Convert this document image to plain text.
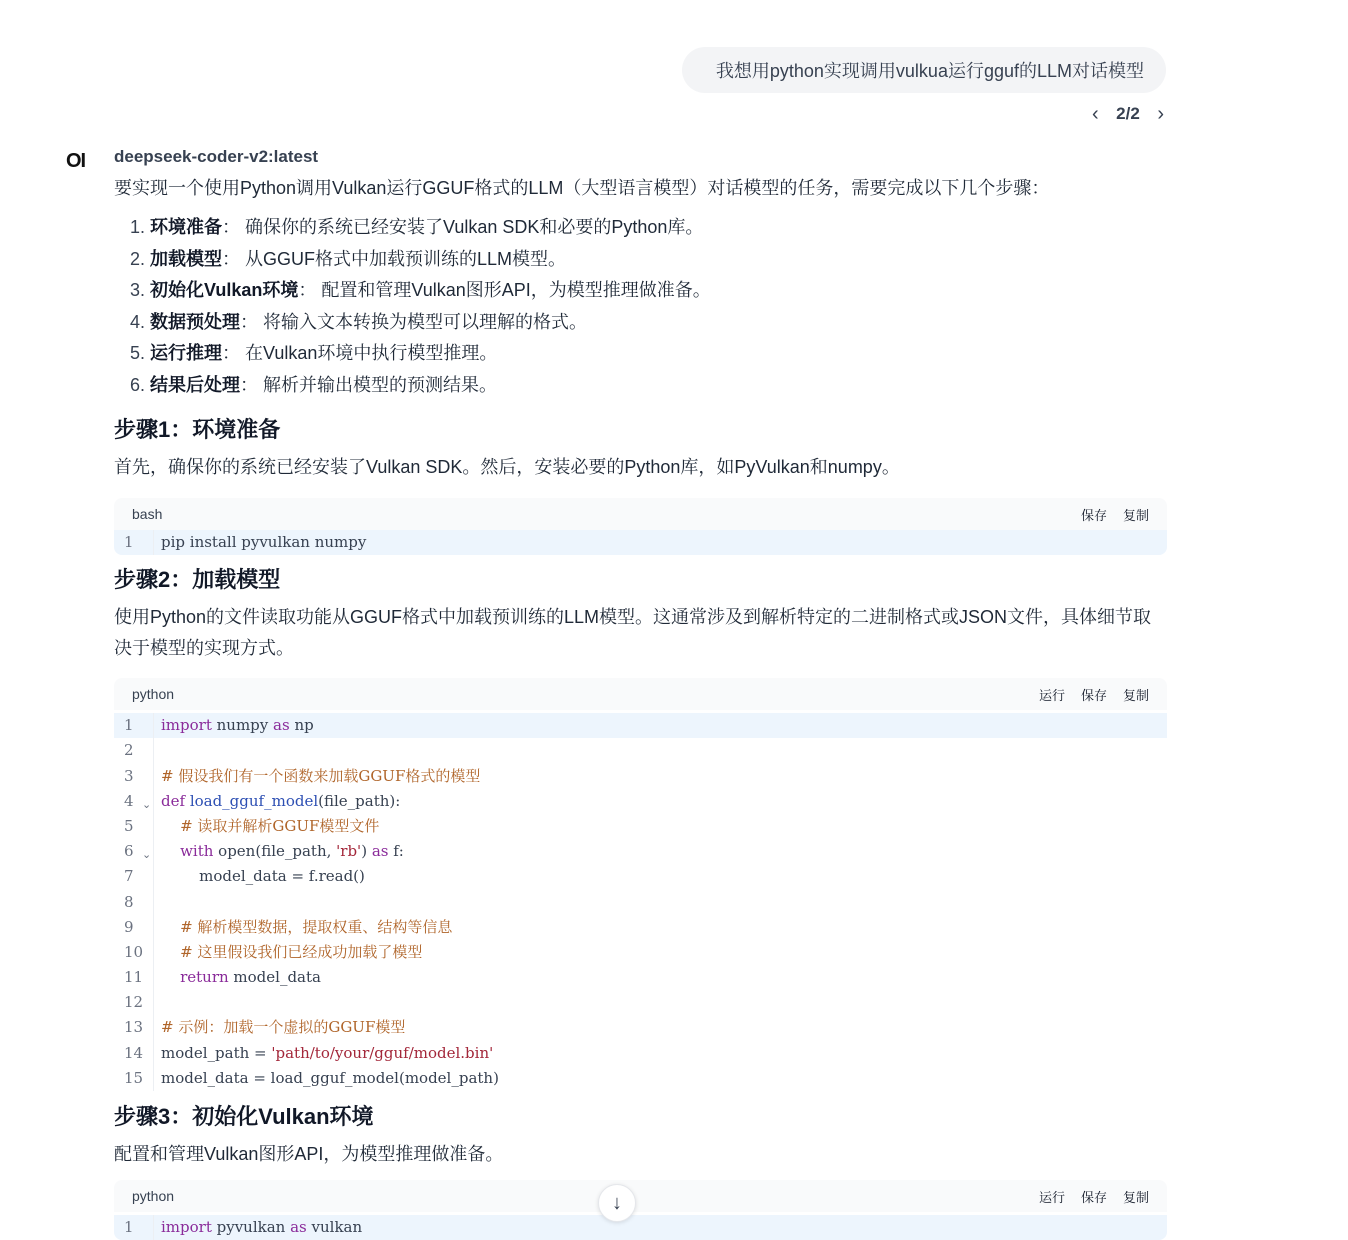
我想用python实现调用vulkua运行gguf的LLM对话模型
‹ 2/2 ›
OI	deepseek-coder-v2:latest

要实现一个使用Python调用Vulkan运行GGUF格式的LLM（大型语言模型）对话模型的任务，需要完成以下几个步骤：

1. 环境准备： 确保你的系统已经安装了Vulkan SDK和必要的Python库。
2. 加载模型： 从GGUF格式中加载预训练的LLM模型。
3. 初始化Vulkan环境： 配置和管理Vulkan图形API，为模型推理做准备。
4. 数据预处理： 将输入文本转换为模型可以理解的格式。
5. 运行推理： 在Vulkan环境中执行模型推理。
6. 结果后处理： 解析并输出模型的预测结果。
步骤1：环境准备

首先，确保你的系统已经安装了Vulkan SDK。然后，安装必要的Python库，如PyVulkan和numpy。

bash	保存 复制
1	pip install pyvulkan numpy
步骤2：加载模型

使用Python的文件读取功能从GGUF格式中加载预训练的LLM模型。这通常涉及到解析特定的二进制格式或JSON文件，具体细节取决于模型的实现方式。

python	运行 保存 复制
1	import numpy as np
2
3	# 假设我们有一个函数来加载GGUF格式的模型
4 ⌄ def load_gguf_model(file_path):
5	# 读取并解析GGUF模型文件
6 ⌄	with open(file_path, 'rb') as f:
7	model_data = f.read()
8
9	# 解析模型数据，提取权重、结构等信息
10	# 这里假设我们已经成功加载了模型
11	return model_data
12
13	# 示例：加载一个虚拟的GGUF模型
14	model_path = 'path/to/your/gguf/model.bin'
15	model_data = load_gguf_model(model_path)
步骤3：初始化Vulkan环境

配置和管理Vulkan图形API，为模型推理做准备。

python	运行 保存 复制
1	import pyvulkan as vulkan
↓
